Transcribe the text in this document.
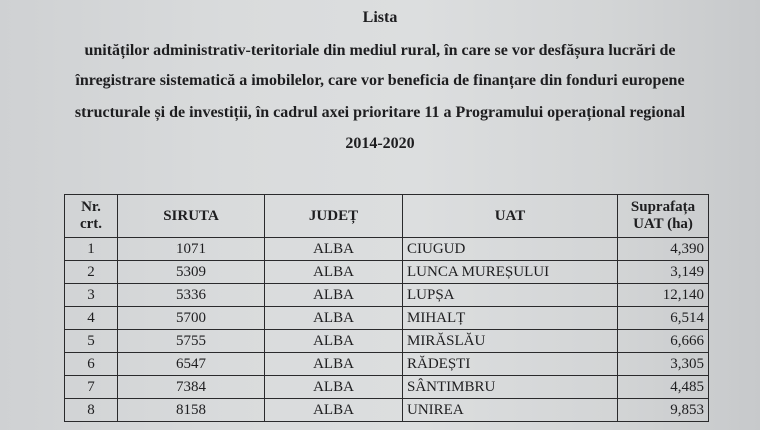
Lista
unităților administrativ-teritoriale din mediul rural, în care se vor desfășura lucrări de
înregistrare sistematică a imobilelor, care vor beneficia de finanțare din fonduri europene
structurale și de investiții, în cadrul axei prioritare 11 a Programului operațional regional
2014-2020
Nr. crt.	SIRUTA	JUDEȚ	UAT	Suprafața UAT (ha)
1	1071	ALBA	CIUGUD	4,390
2	5309	ALBA	LUNCA MUREȘULUI	3,149
3	5336	ALBA	LUPȘA	12,140
4	5700	ALBA	MIHALȚ	6,514
5	5755	ALBA	MIRĂSLĂU	6,666
6	6547	ALBA	RĂDEȘTI	3,305
7	7384	ALBA	SÂNTIMBRU	4,485
8	8158	ALBA	UNIREA	9,853
